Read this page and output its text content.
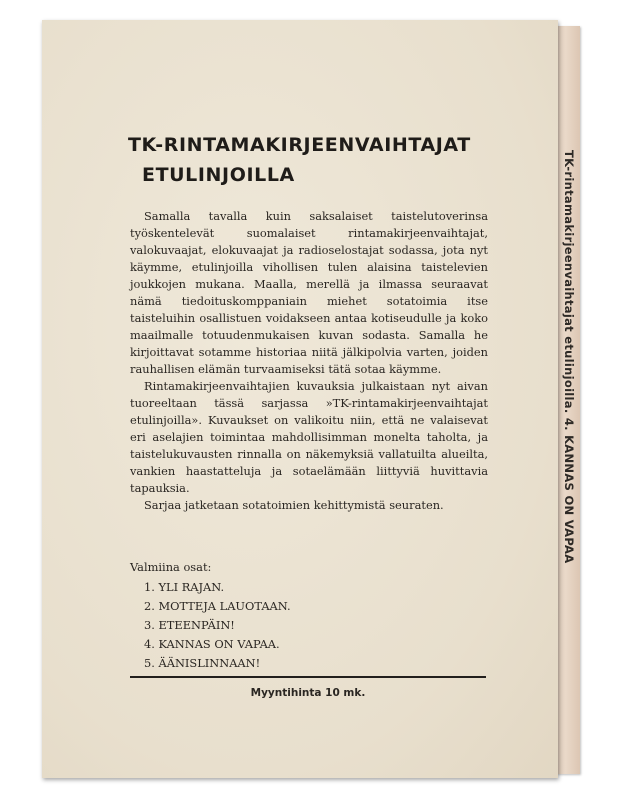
TK-rintamakirjeenvaihtajat etulinjoilla. 4. KANNAS ON VAPAA
TK-RINTAMAKIRJEENVAIHTAJAT
ETULINJOILLA

Samalla tavalla kuin saksalaiset taistelutoverinsa työskentelevät suomalaiset rintamakirjeenvaihtajat, valokuvaajat, elokuvaajat ja radioselostajat sodassa, jota nyt käymme, etulinjoilla vihollisen tulen alaisina taistelevien joukkojen mukana. Maalla, merellä ja ilmassa seuraavat nämä tiedoituskomppaniain miehet sotatoimia itse taisteluihin osallistuen voidakseen antaa kotiseudulle ja koko maailmalle totuudenmukaisen kuvan sodasta. Samalla he kirjoittavat sotamme historiaa niitä jälkipolvia varten, joiden rauhallisen elämän turvaamiseksi tätä sotaa käymme.

Rintamakirjeenvaihtajien kuvauksia julkaistaan nyt aivan tuoreeltaan tässä sarjassa »TK-rintamakirjeenvaihtajat etulinjoilla». Kuvaukset on valikoitu niin, että ne valaisevat eri aselajien toimintaa mahdollisimman monelta taholta, ja taistelukuvausten rinnalla on näkemyksiä vallatuilta alueilta, vankien haastatteluja ja sotaelämään liittyviä huvittavia tapauksia.

Sarjaa jatketaan sotatoimien kehittymistä seuraten.

Valmiina osat:
1. YLI RAJAN.
2. MOTTEJA LAUOTAAN.
3. ETEENPÄIN!
4. KANNAS ON VAPAA.
5. ÄÄNISLINNAAN!
Myyntihinta 10 mk.
